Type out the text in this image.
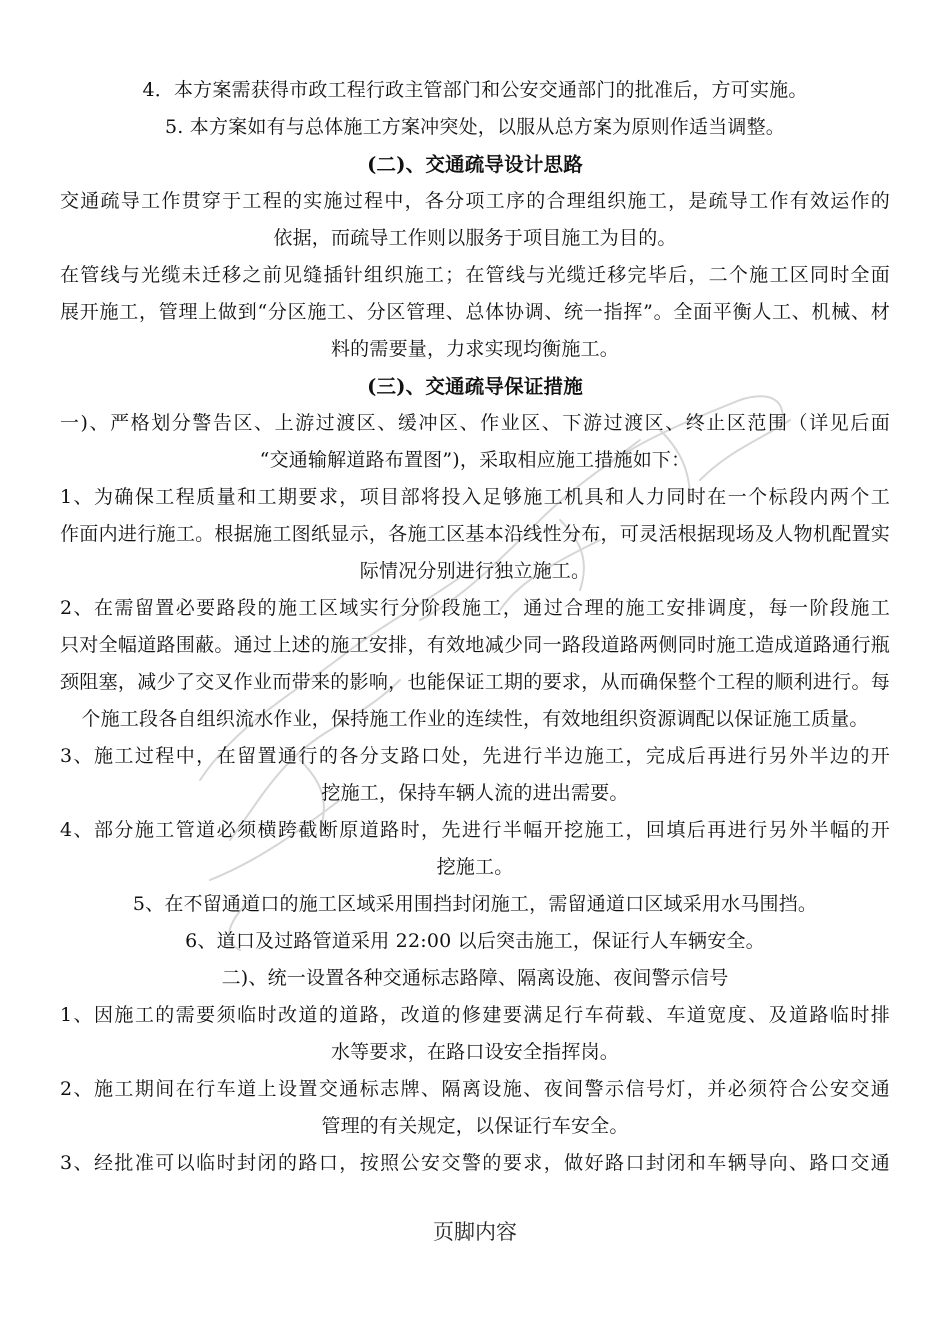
4．本方案需获得市政工程行政主管部门和公安交通部门的批准后，方可实施。
5. 本方案如有与总体施工方案冲突处，以服从总方案为原则作适当调整。
(二)、交通疏导设计思路
交通疏导工作贯穿于工程的实施过程中，各分项工序的合理组织施工，是疏导工作有效运作的
依据，而疏导工作则以服务于项目施工为目的。
在管线与光缆未迁移之前见缝插针组织施工；在管线与光缆迁移完毕后，二个施工区同时全面
展开施工，管理上做到“分区施工、分区管理、总体协调、统一指挥”。全面平衡人工、机械、材
料的需要量，力求实现均衡施工。
(三)、交通疏导保证措施
一)、严格划分警告区、上游过渡区、缓冲区、作业区、下游过渡区、终止区范围（详见后面
“交通输解道路布置图”)，采取相应施工措施如下：
1、为确保工程质量和工期要求，项目部将投入足够施工机具和人力同时在一个标段内两个工
作面内进行施工。根据施工图纸显示，各施工区基本沿线性分布，可灵活根据现场及人物机配置实
际情况分别进行独立施工。
2、在需留置必要路段的施工区域实行分阶段施工，通过合理的施工安排调度，每一阶段施工
只对全幅道路围蔽。通过上述的施工安排，有效地减少同一路段道路两侧同时施工造成道路通行瓶
颈阻塞，减少了交叉作业而带来的影响，也能保证工期的要求，从而确保整个工程的顺利进行。每
个施工段各自组织流水作业，保持施工作业的连续性，有效地组织资源调配以保证施工质量。
3、施工过程中，在留置通行的各分支路口处，先进行半边施工，完成后再进行另外半边的开
挖施工，保持车辆人流的进出需要。
4、部分施工管道必须横跨截断原道路时，先进行半幅开挖施工，回填后再进行另外半幅的开
挖施工。
5、在不留通道口的施工区域采用围挡封闭施工，需留通道口区域采用水马围挡。
6、道口及过路管道采用 22:00 以后突击施工，保证行人车辆安全。
二)、统一设置各种交通标志路障、隔离设施、夜间警示信号
1、因施工的需要须临时改道的道路，改道的修建要满足行车荷载、车道宽度、及道路临时排
水等要求，在路口设安全指挥岗。
2、施工期间在行车道上设置交通标志牌、隔离设施、夜间警示信号灯，并必须符合公安交通
管理的有关规定，以保证行车安全。
3、经批准可以临时封闭的路口，按照公安交警的要求，做好路口封闭和车辆导向、路口交通
页脚内容
